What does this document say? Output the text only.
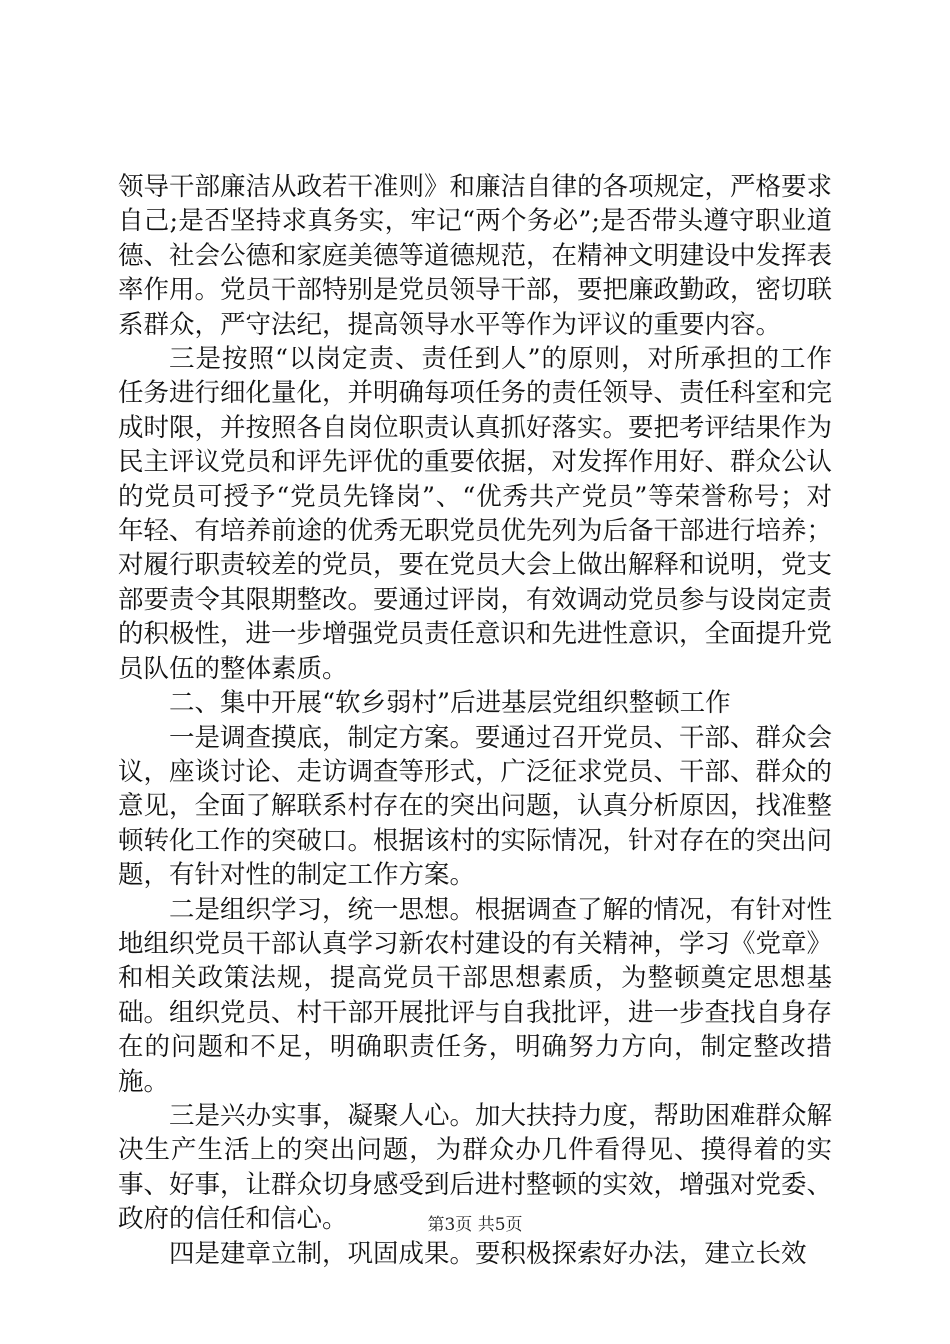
领导干部廉洁从政若干准则》和廉洁自律的各项规定，严格要求自己;是否坚持求真务实，牢记“两个务必”;是否带头遵守职业道德、社会公德和家庭美德等道德规范，在精神文明建设中发挥表率作用。党员干部特别是党员领导干部，要把廉政勤政，密切联系群众，严守法纪，提高领导水平等作为评议的重要内容。

三是按照“以岗定责、责任到人”的原则，对所承担的工作任务进行细化量化，并明确每项任务的责任领导、责任科室和完成时限，并按照各自岗位职责认真抓好落实。要把考评结果作为民主评议党员和评先评优的重要依据，对发挥作用好、群众公认的党员可授予“党员先锋岗”、“优秀共产党员”等荣誉称号；对年轻、有培养前途的优秀无职党员优先列为后备干部进行培养；对履行职责较差的党员，要在党员大会上做出解释和说明，党支部要责令其限期整改。要通过评岗，有效调动党员参与设岗定责的积极性，进一步增强党员责任意识和先进性意识，全面提升党员队伍的整体素质。

二、集中开展“软乡弱村”后进基层党组织整顿工作

一是调查摸底，制定方案。要通过召开党员、干部、群众会议，座谈讨论、走访调查等形式，广泛征求党员、干部、群众的意见，全面了解联系村存在的突出问题，认真分析原因，找准整顿转化工作的突破口。根据该村的实际情况，针对存在的突出问题，有针对性的制定工作方案。

二是组织学习，统一思想。根据调查了解的情况，有针对性地组织党员干部认真学习新农村建设的有关精神，学习《党章》和相关政策法规，提高党员干部思想素质，为整顿奠定思想基础。组织党员、村干部开展批评与自我批评，进一步查找自身存在的问题和不足，明确职责任务，明确努力方向，制定整改措施。

三是兴办实事，凝聚人心。加大扶持力度，帮助困难群众解决生产生活上的突出问题，为群众办几件看得见、摸得着的实事、好事，让群众切身感受到后进村整顿的实效，增强对党委、政府的信任和信心。

四是建章立制，巩固成果。要积极探索好办法，建立长效

第3页 共5页
